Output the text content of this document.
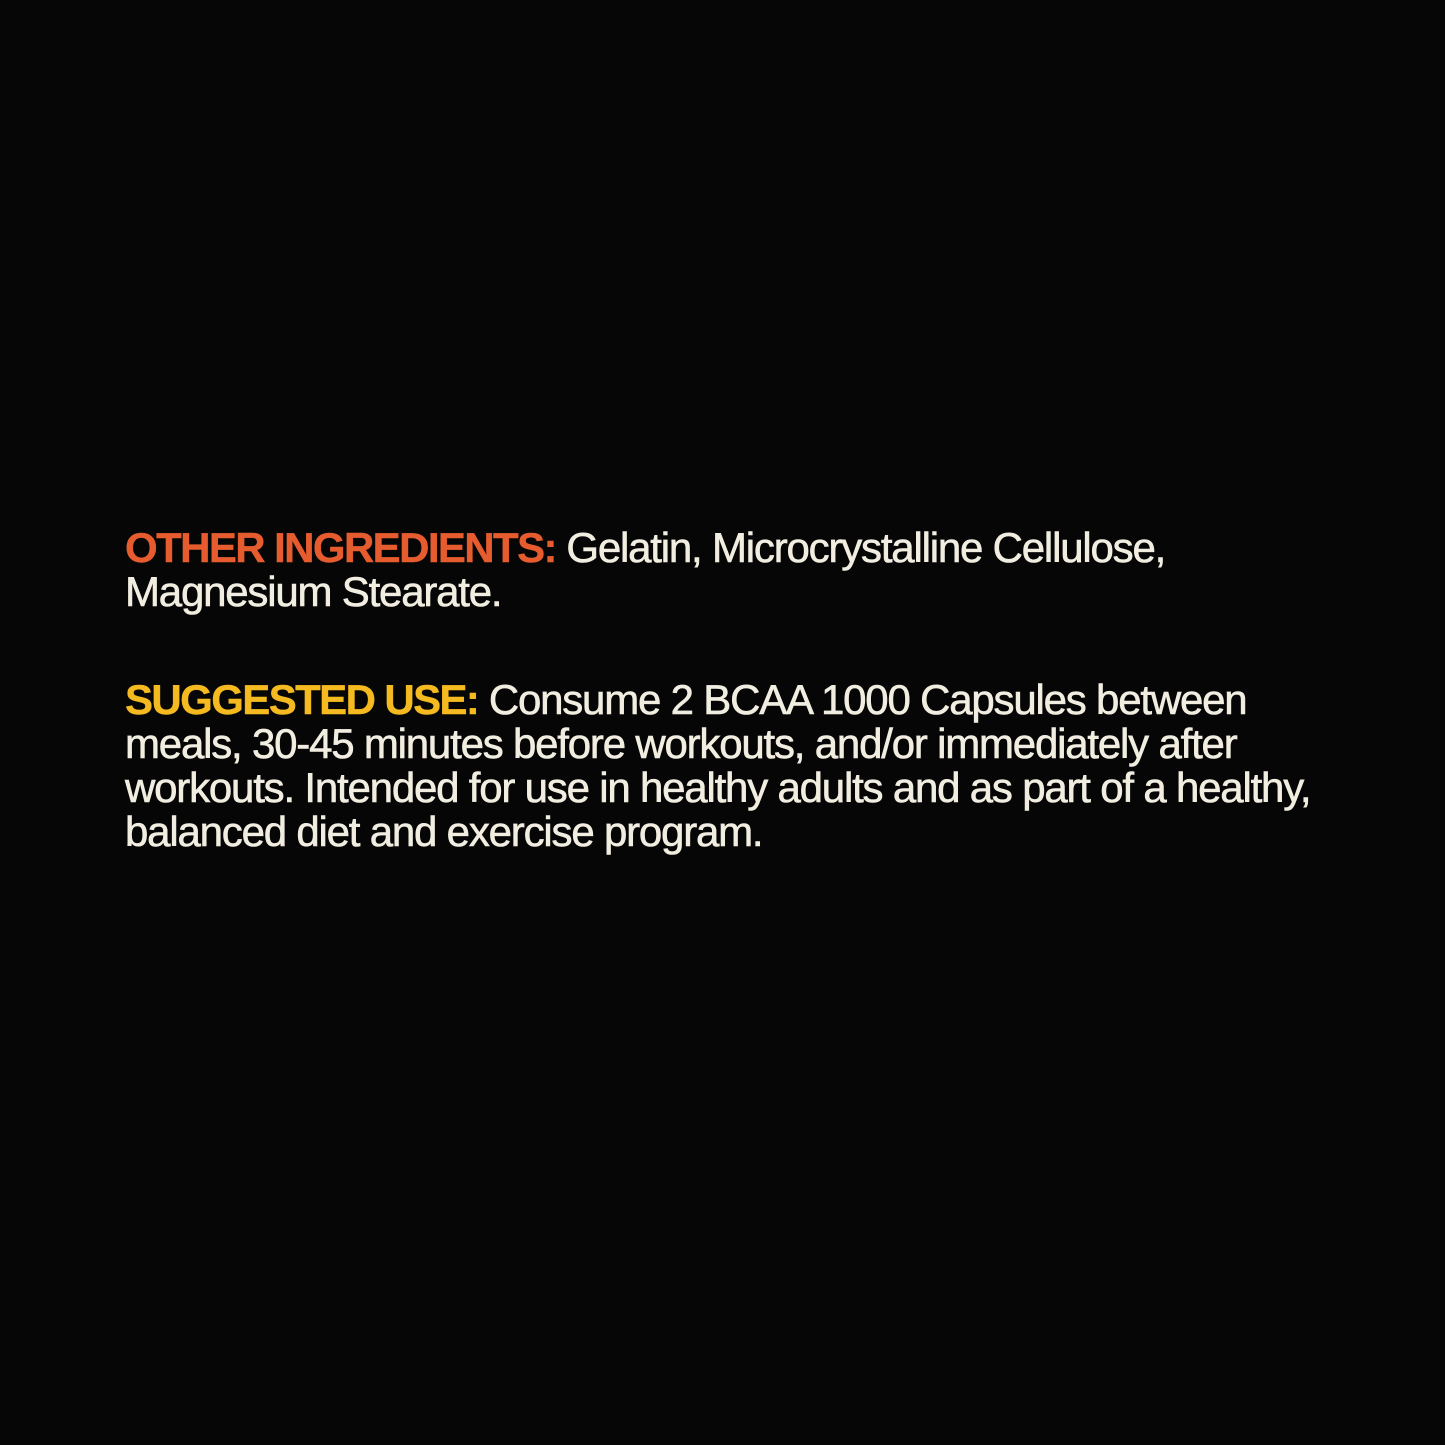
OTHER INGREDIENTS: Gelatin, Microcrystalline Cellulose, Magnesium Stearate.

SUGGESTED USE: Consume 2 BCAA 1000 Capsules between meals, 30-45 minutes before workouts, and/or immediately after workouts. Intended for use in healthy adults and as part of a healthy, balanced diet and exercise program.
